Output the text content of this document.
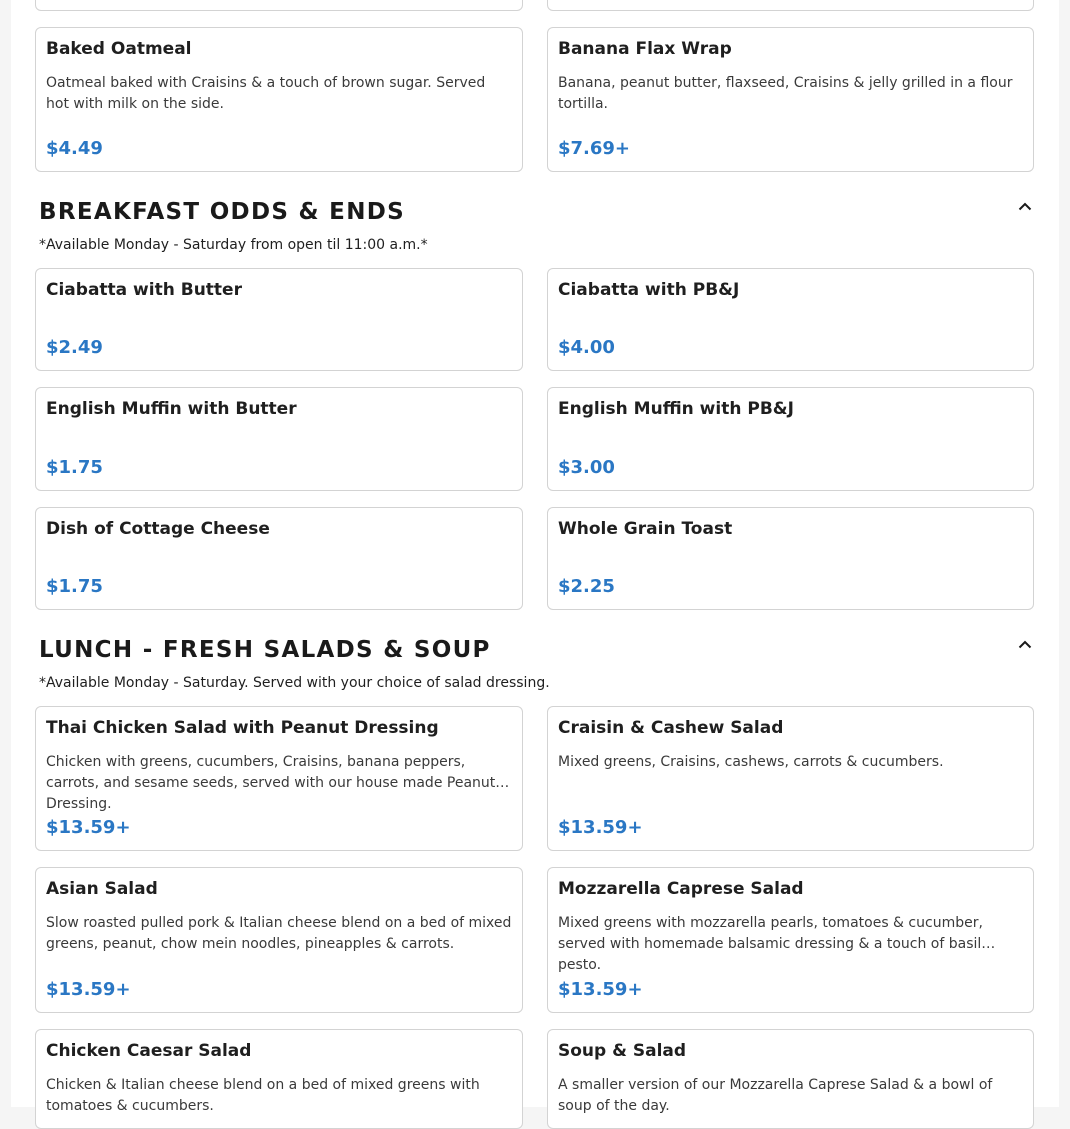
Baked Oatmeal
Oatmeal baked with Craisins & a touch of brown sugar. Served hot with milk on the side.
$4.49
Banana Flax Wrap
Banana, peanut butter, flaxseed, Craisins & jelly grilled in a flour tortilla.
$7.69+
BREAKFAST ODDS & ENDS
*Available Monday - Saturday from open til 11:00 a.m.*
Ciabatta with Butter
$2.49
Ciabatta with PB&J
$4.00
English Muffin with Butter
$1.75
English Muffin with PB&J
$3.00
Dish of Cottage Cheese
$1.75
Whole Grain Toast
$2.25
LUNCH - FRESH SALADS & SOUP
*Available Monday - Saturday. Served with your choice of salad dressing.
Thai Chicken Salad with Peanut Dressing
Chicken with greens, cucumbers, Craisins, banana peppers, carrots, and sesame seeds, served with our house made Peanut Dressing.
$13.59+
Craisin & Cashew Salad
Mixed greens, Craisins, cashews, carrots & cucumbers.
$13.59+
Asian Salad
Slow roasted pulled pork & Italian cheese blend on a bed of mixed greens, peanut, chow mein noodles, pineapples & carrots.
$13.59+
Mozzarella Caprese Salad
Mixed greens with mozzarella pearls, tomatoes & cucumber, served with homemade balsamic dressing & a touch of basil pesto.
$13.59+
Chicken Caesar Salad
Chicken & Italian cheese blend on a bed of mixed greens with tomatoes & cucumbers.
Soup & Salad
A smaller version of our Mozzarella Caprese Salad & a bowl of soup of the day.
